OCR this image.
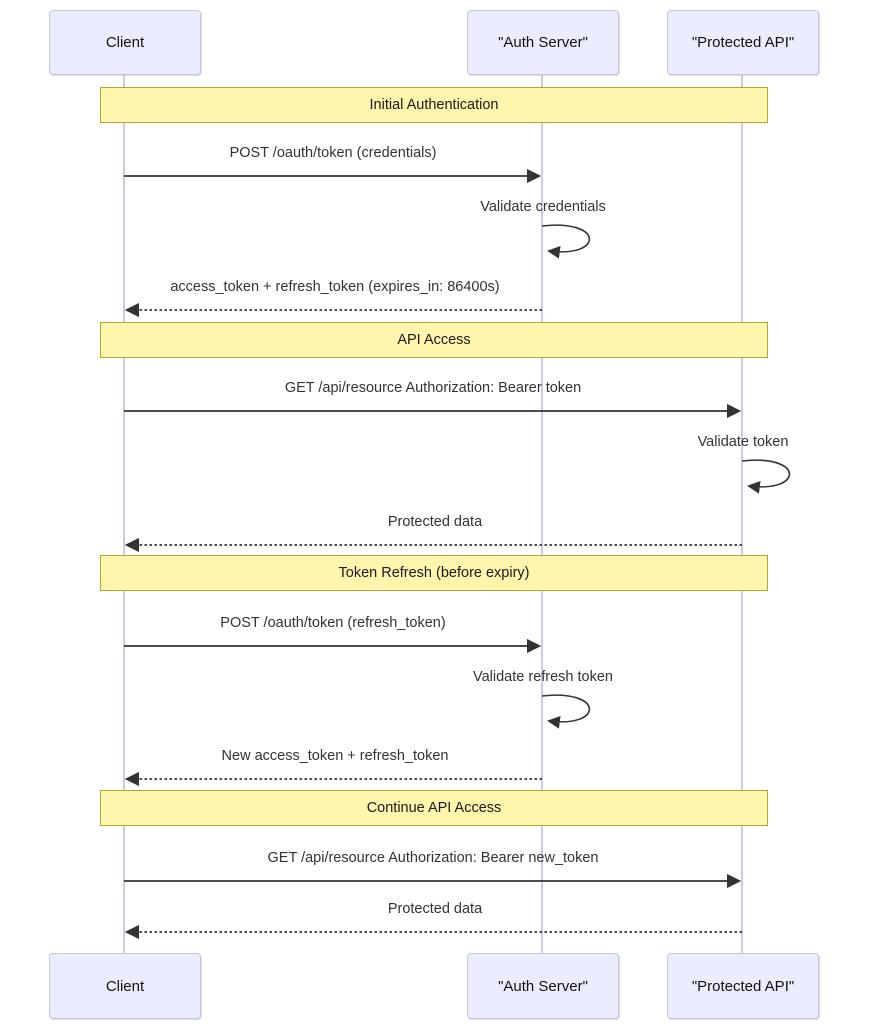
Initial Authentication
API Access
Token Refresh (before expiry)
Continue API Access
POST /oauth/token (credentials)
Validate credentials
access_token + refresh_token (expires_in: 86400s)
GET /api/resource Authorization: Bearer token
Validate token
Protected data
POST /oauth/token (refresh_token)
Validate refresh token
New access_token + refresh_token
GET /api/resource Authorization: Bearer new_token
Protected data
Client	"Auth Server"	"Protected API"
Client	"Auth Server"	"Protected API"
